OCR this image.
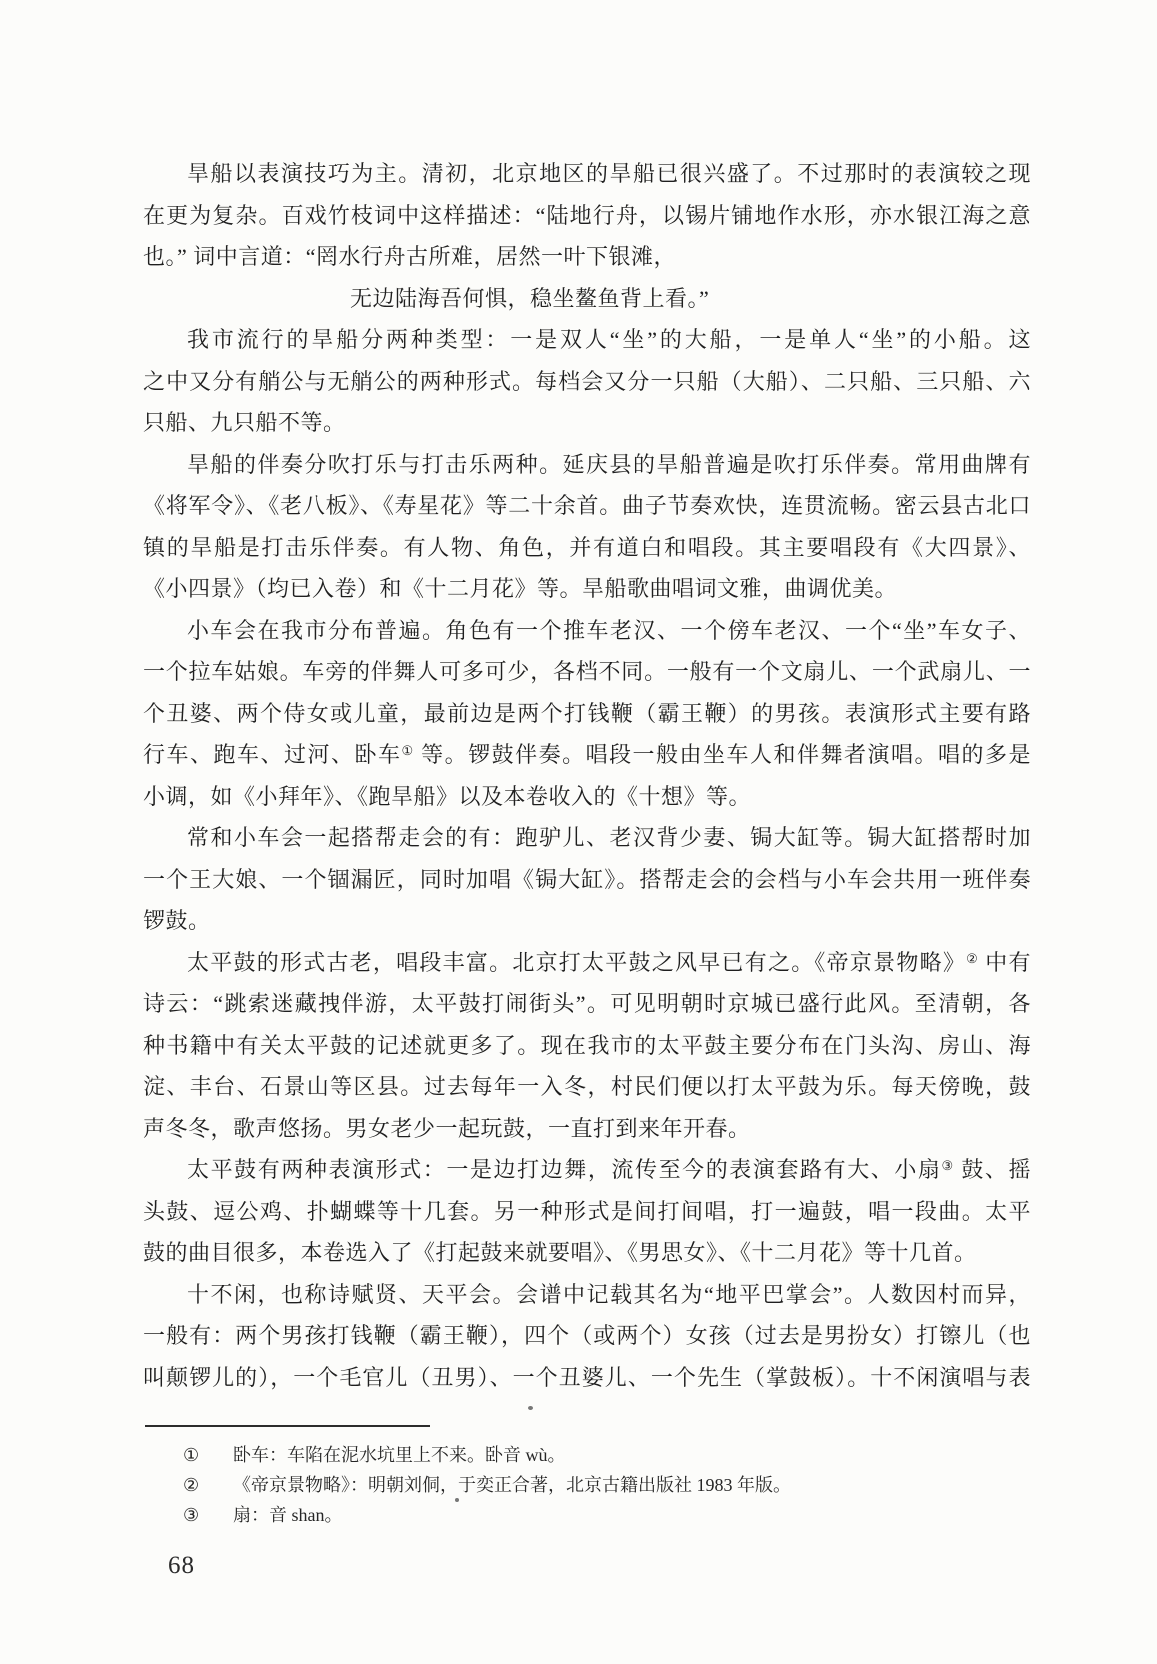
旱船以表演技巧为主。清初，北京地区的旱船已很兴盛了。不过那时的表演较之现
在更为复杂。百戏竹枝词中这样描述：“陆地行舟，以锡片铺地作水形，亦水银江海之意
也。” 词中言道：“罔水行舟古所难，居然一叶下银滩，
无边陆海吾何惧，稳坐鳌鱼背上看。”
我市流行的旱船分两种类型：一是双人“坐”的大船，一是单人“坐”的小船。这
之中又分有艄公与无艄公的两种形式。每档会又分一只船（大船）、二只船、三只船、六
只船、九只船不等。
旱船的伴奏分吹打乐与打击乐两种。延庆县的旱船普遍是吹打乐伴奏。常用曲牌有
《将军令》、《老八板》、《寿星花》等二十余首。曲子节奏欢快，连贯流畅。密云县古北口
镇的旱船是打击乐伴奏。有人物、角色，并有道白和唱段。其主要唱段有《大四景》、
《小四景》（均已入卷）和《十二月花》等。旱船歌曲唱词文雅，曲调优美。
小车会在我市分布普遍。角色有一个推车老汉、一个傍车老汉、一个“坐”车女子、
一个拉车姑娘。车旁的伴舞人可多可少，各档不同。一般有一个文扇儿、一个武扇儿、一
个丑婆、两个侍女或儿童，最前边是两个打钱鞭（霸王鞭）的男孩。表演形式主要有路
行车、跑车、过河、卧车① 等。锣鼓伴奏。唱段一般由坐车人和伴舞者演唱。唱的多是
小调，如《小拜年》、《跑旱船》以及本卷收入的《十想》等。
常和小车会一起搭帮走会的有：跑驴儿、老汉背少妻、锔大缸等。锔大缸搭帮时加
一个王大娘、一个锢漏匠，同时加唱《锔大缸》。搭帮走会的会档与小车会共用一班伴奏
锣鼓。
太平鼓的形式古老，唱段丰富。北京打太平鼓之风早已有之。《帝京景物略》② 中有
诗云：“跳索迷藏拽伴游，太平鼓打闹街头”。可见明朝时京城已盛行此风。至清朝，各
种书籍中有关太平鼓的记述就更多了。现在我市的太平鼓主要分布在门头沟、房山、海
淀、丰台、石景山等区县。过去每年一入冬，村民们便以打太平鼓为乐。每天傍晚，鼓
声冬冬，歌声悠扬。男女老少一起玩鼓，一直打到来年开春。
太平鼓有两种表演形式：一是边打边舞，流传至今的表演套路有大、小扇③ 鼓、摇
头鼓、逗公鸡、扑蝴蝶等十几套。另一种形式是间打间唱，打一遍鼓，唱一段曲。太平
鼓的曲目很多，本卷选入了《打起鼓来就要唱》、《男思女》、《十二月花》等十几首。
十不闲，也称诗赋贤、天平会。会谱中记载其名为“地平巴掌会”。人数因村而异，
一般有：两个男孩打钱鞭（霸王鞭），四个（或两个）女孩（过去是男扮女）打镲儿（也
叫颠锣儿的），一个毛官儿（丑男）、一个丑婆儿、一个先生（掌鼓板）。十不闲演唱与表
①	卧车：车陷在泥水坑里上不来。卧音 wù。
②	《帝京景物略》：明朝刘侗，于奕正合著，北京古籍出版社 1983 年版。
③	扇：音 shan。
68
